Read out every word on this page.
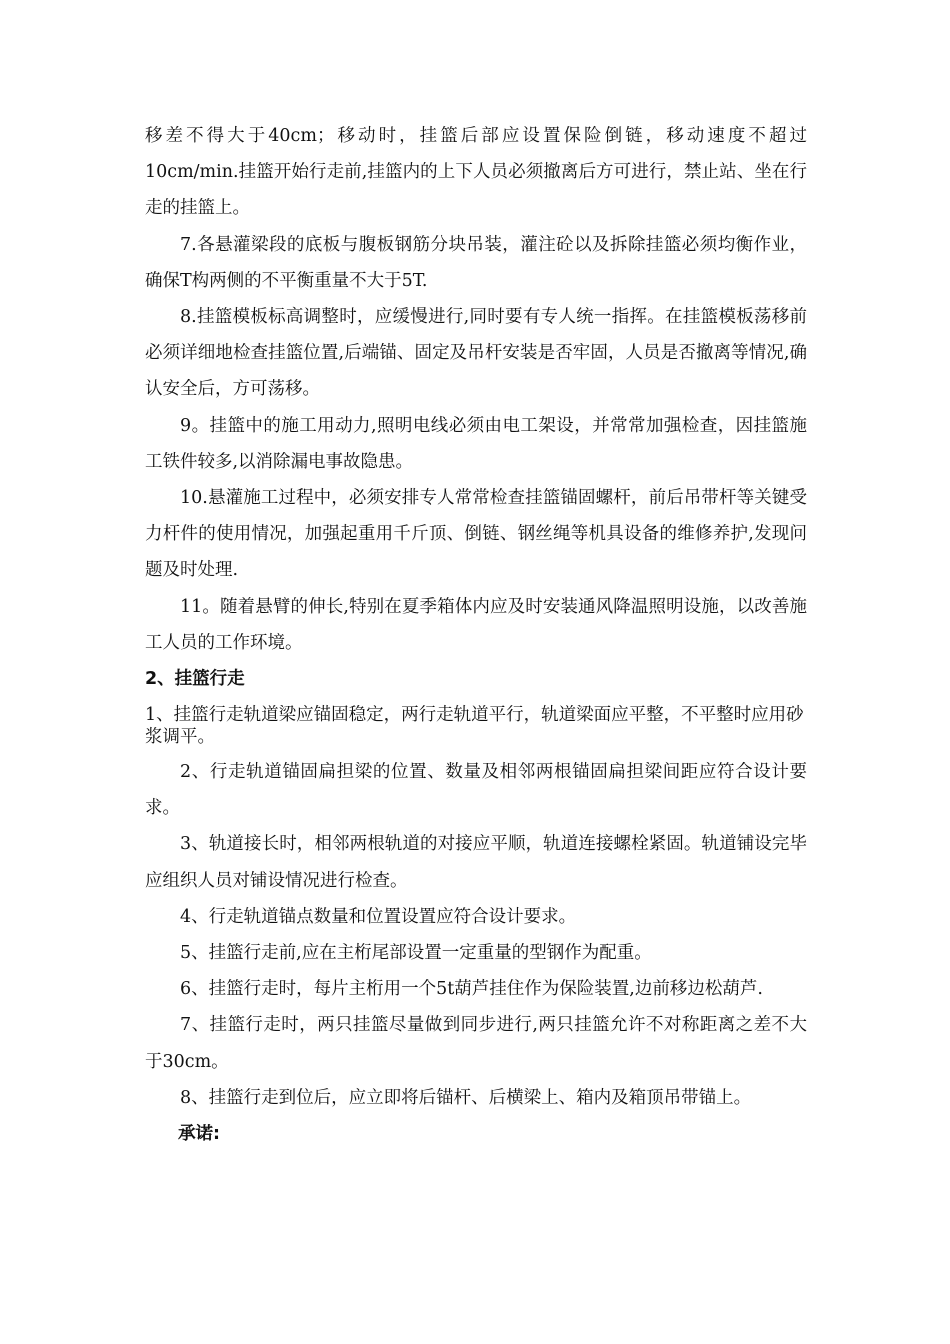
移差不得大于40cm；移动时，挂篮后部应设置保险倒链，移动速度不超过10cm/min.挂篮开始行走前,挂篮内的上下人员必须撤离后方可进行，禁止站、坐在行走的挂篮上。

7.各悬灌梁段的底板与腹板钢筋分块吊装，灌注砼以及拆除挂篮必须均衡作业，确保T构两侧的不平衡重量不大于5T.

8.挂篮模板标高调整时，应缓慢进行,同时要有专人统一指挥。在挂篮模板荡移前必须详细地检查挂篮位置,后端锚、固定及吊杆安装是否牢固，人员是否撤离等情况,确认安全后，方可荡移。

9。挂篮中的施工用动力,照明电线必须由电工架设，并常常加强检查，因挂篮施工铁件较多,以消除漏电事故隐患。

10.悬灌施工过程中，必须安排专人常常检查挂篮锚固螺杆，前后吊带杆等关键受力杆件的使用情况，加强起重用千斤顶、倒链、钢丝绳等机具设备的维修养护,发现问题及时处理.

11。随着悬臂的伸长,特别在夏季箱体内应及时安装通风降温照明设施，以改善施工人员的工作环境。

2、挂篮行走

1、挂篮行走轨道梁应锚固稳定，两行走轨道平行，轨道梁面应平整，不平整时应用砂

浆调平。

2、行走轨道锚固扁担梁的位置、数量及相邻两根锚固扁担梁间距应符合设计要求。

3、轨道接长时，相邻两根轨道的对接应平顺，轨道连接螺栓紧固。轨道铺设完毕应组织人员对铺设情况进行检查。

4、行走轨道锚点数量和位置设置应符合设计要求。

5、挂篮行走前,应在主桁尾部设置一定重量的型钢作为配重。

6、挂篮行走时，每片主桁用一个5t葫芦挂住作为保险装置,边前移边松葫芦.

7、挂篮行走时，两只挂篮尽量做到同步进行,两只挂篮允许不对称距离之差不大于30cm。

8、挂篮行走到位后，应立即将后锚杆、后横梁上、箱内及箱顶吊带锚上。

承诺:
